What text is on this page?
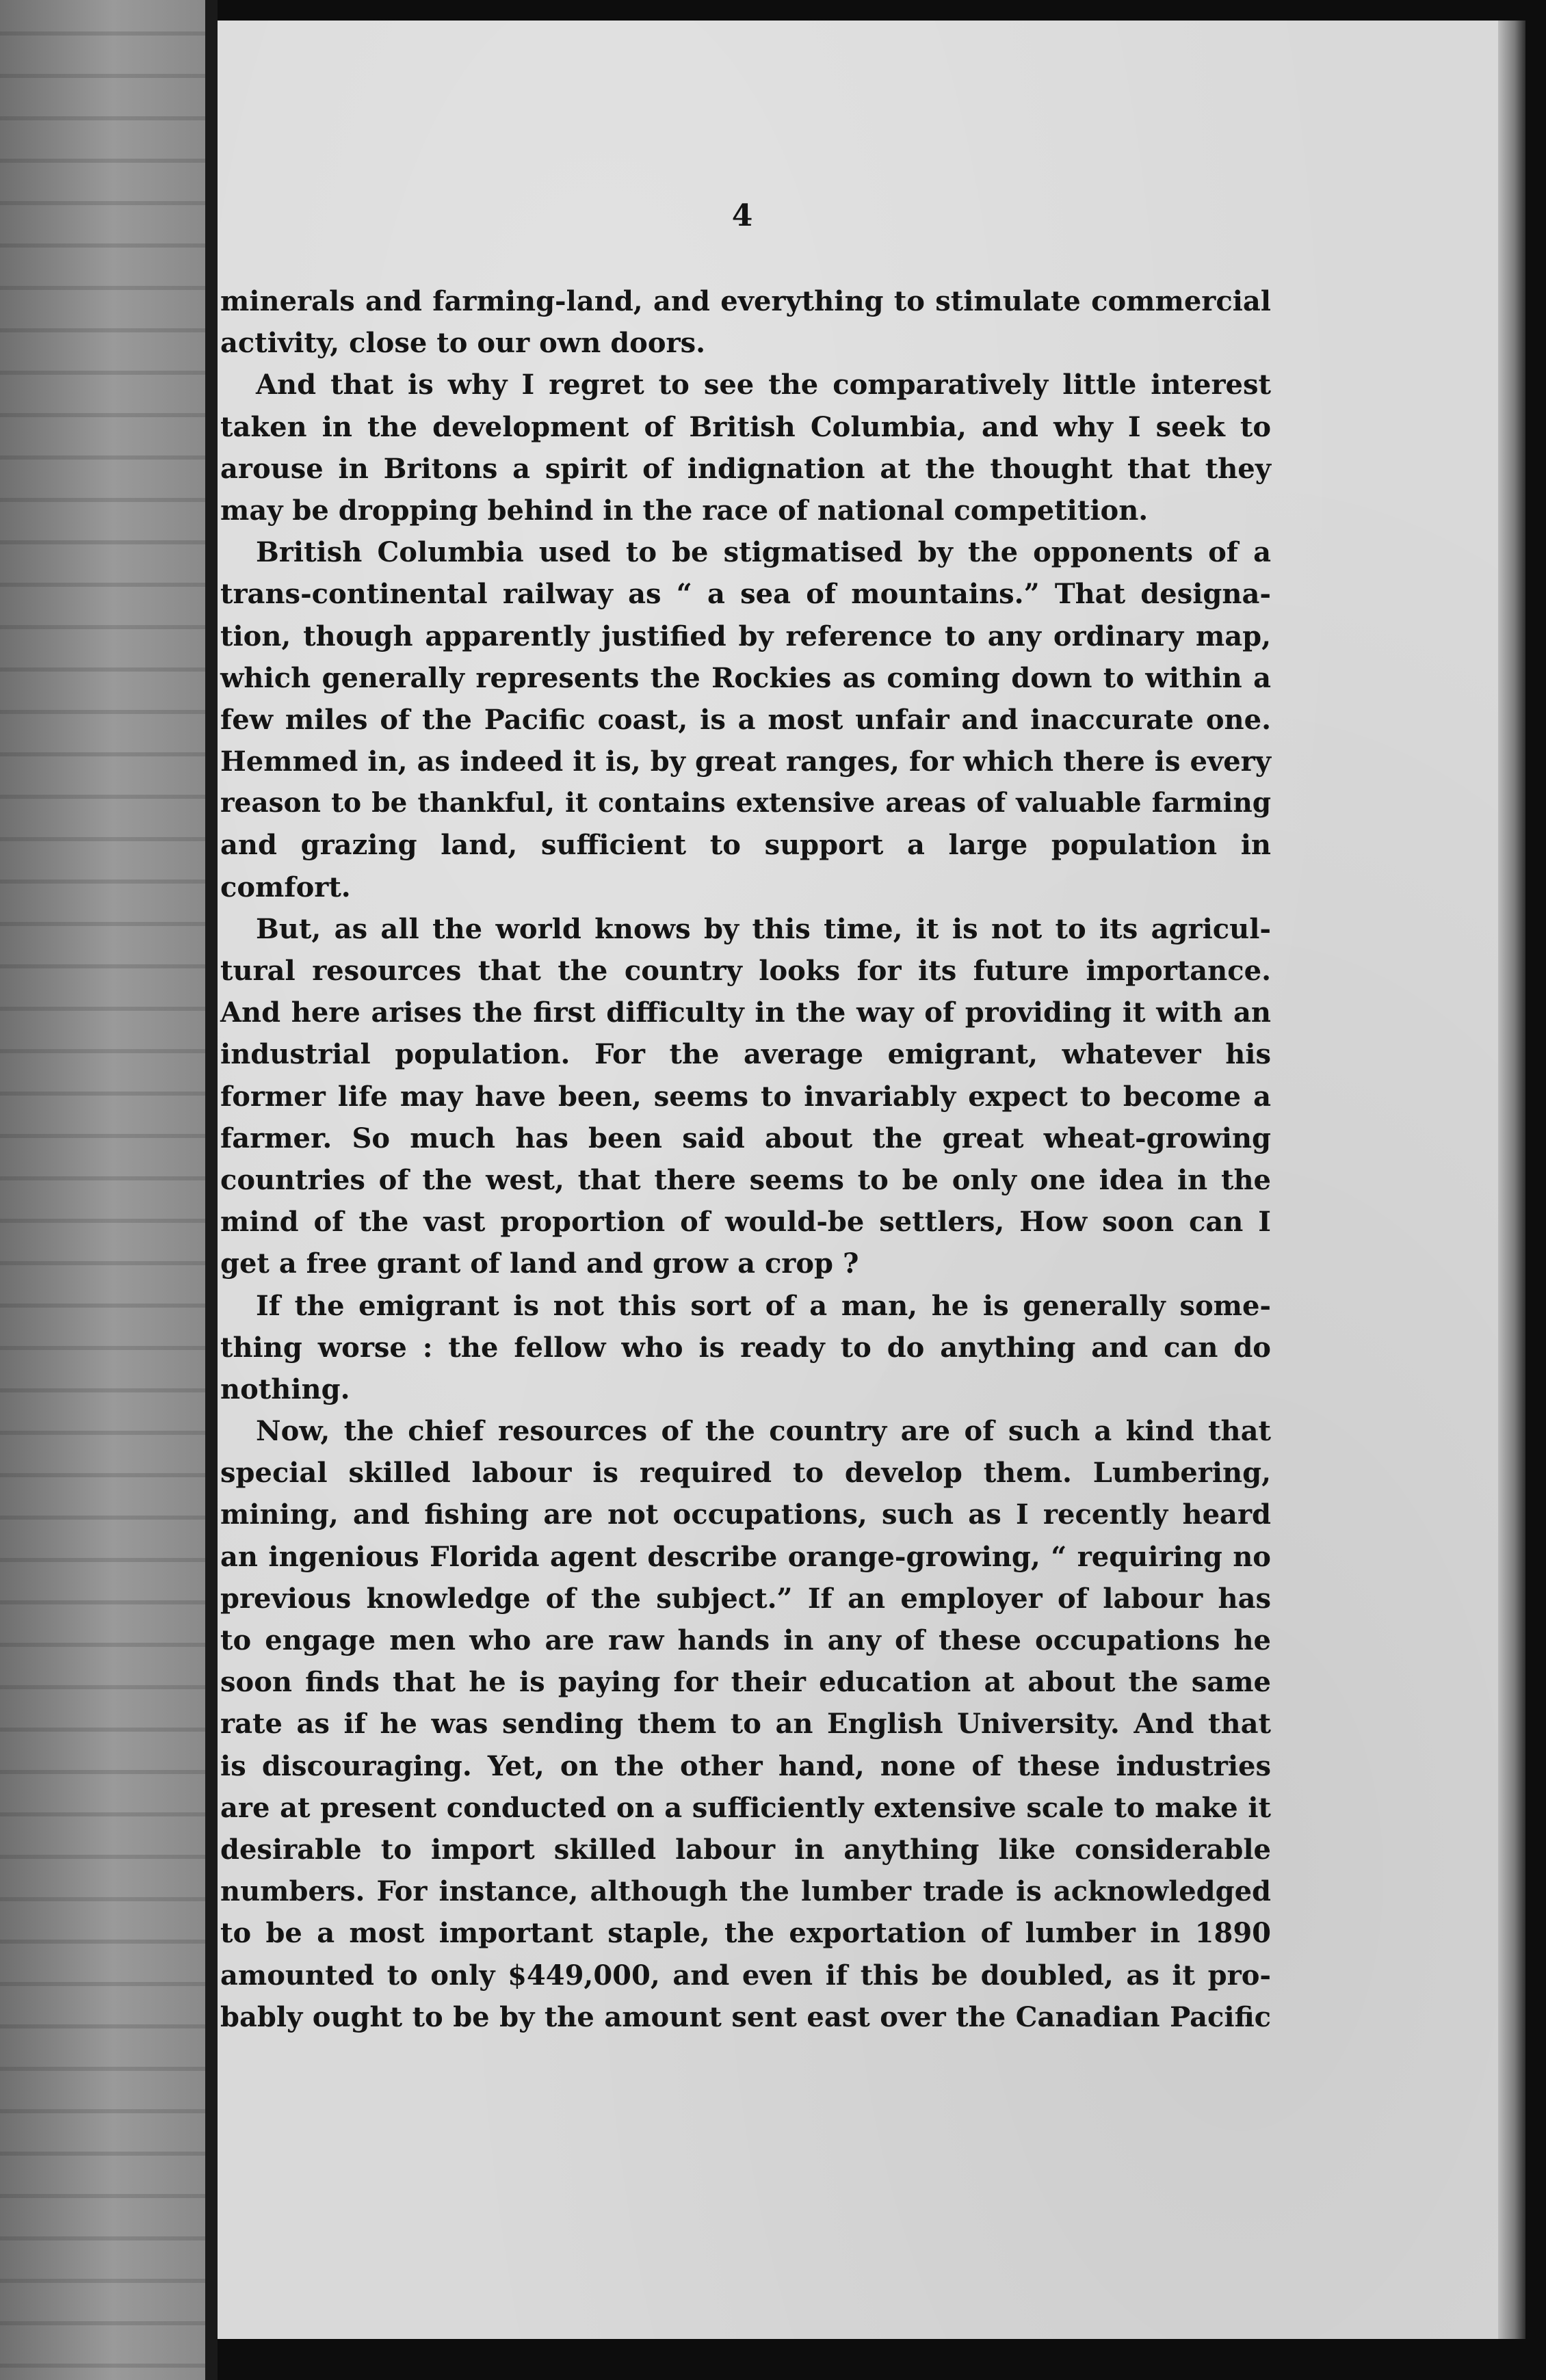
4
minerals and farming-land, and everything to stimulate commercial
activity, close to our own doors.
And that is why I regret to see the comparatively little interest
taken in the development of British Columbia, and why I seek to
arouse in Britons a spirit of indignation at the thought that they
may be dropping behind in the race of national competition.
British Columbia used to be stigmatised by the opponents of a
trans-continental railway as “ a sea of mountains.” That designa-
tion, though apparently justified by reference to any ordinary map,
which generally represents the Rockies as coming down to within a
few miles of the Pacific coast, is a most unfair and inaccurate one.
Hemmed in, as indeed it is, by great ranges, for which there is every
reason to be thankful, it contains extensive areas of valuable farming
and grazing land, sufficient to support a large population in
comfort.
But, as all the world knows by this time, it is not to its agricul-
tural resources that the country looks for its future importance.
And here arises the first difficulty in the way of providing it with an
industrial population. For the average emigrant, whatever his
former life may have been, seems to invariably expect to become a
farmer. So much has been said about the great wheat-growing
countries of the west, that there seems to be only one idea in the
mind of the vast proportion of would-be settlers, How soon can I
get a free grant of land and grow a crop ?
If the emigrant is not this sort of a man, he is generally some-
thing worse : the fellow who is ready to do anything and can do
nothing.
Now, the chief resources of the country are of such a kind that
special skilled labour is required to develop them. Lumbering,
mining, and fishing are not occupations, such as I recently heard
an ingenious Florida agent describe orange-growing, “ requiring no
previous knowledge of the subject.” If an employer of labour has
to engage men who are raw hands in any of these occupations he
soon finds that he is paying for their education at about the same
rate as if he was sending them to an English University. And that
is discouraging. Yet, on the other hand, none of these industries
are at present conducted on a sufficiently extensive scale to make it
desirable to import skilled labour in anything like considerable
numbers. For instance, although the lumber trade is acknowledged
to be a most important staple, the exportation of lumber in 1890
amounted to only $449,000, and even if this be doubled, as it pro-
bably ought to be by the amount sent east over the Canadian Pacific
